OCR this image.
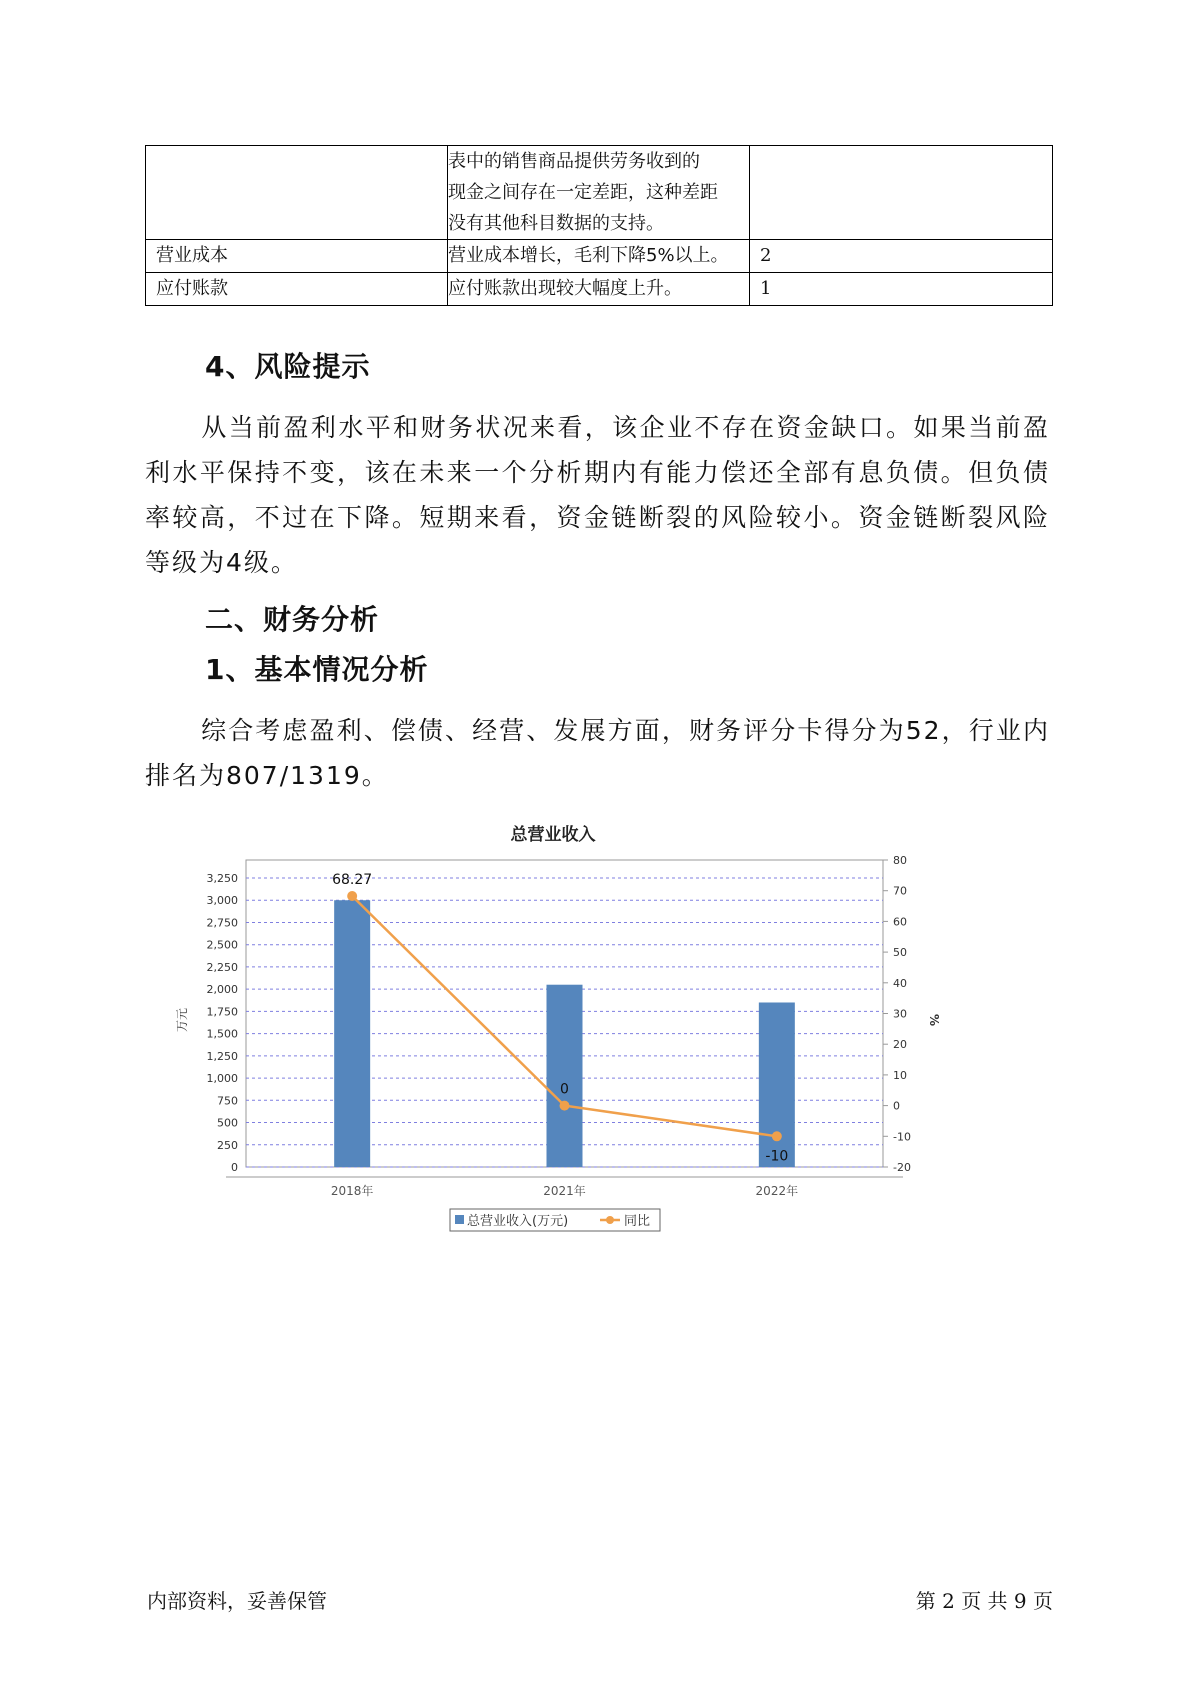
	表中的销售商品提供劳务收到的
现金之间存在一定差距，这种差距
没有其他科目数据的支持。	

营业成本	营业成本增长，毛利下降5%以上。	2
应付账款	应付账款出现较大幅度上升。	1
4、风险提示
从当前盈利水平和财务状况来看，该企业不存在资金缺口。如果当前盈利水平保持不变，该在未来一个分析期内有能力偿还全部有息负债。但负债率较高，不过在下降。短期来看，资金链断裂的风险较小。资金链断裂风险等级为4级。
二、财务分析
1、基本情况分析
综合考虑盈利、偿债、经营、发展方面，财务评分卡得分为52，行业内排名为807/1319。
总营业收入
0
250
500
750
1,000
1,250
1,500
1,750
2,000
2,250
2,500
2,750
3,000
3,250
-20
-10
0
10
20
30
40
50
60
70
80
万元	%
2018年	2021年	2022年
68.27
0
-10
总营业收入(万元)	同比
内部资料，妥善保管	第 2 页 共 9 页
